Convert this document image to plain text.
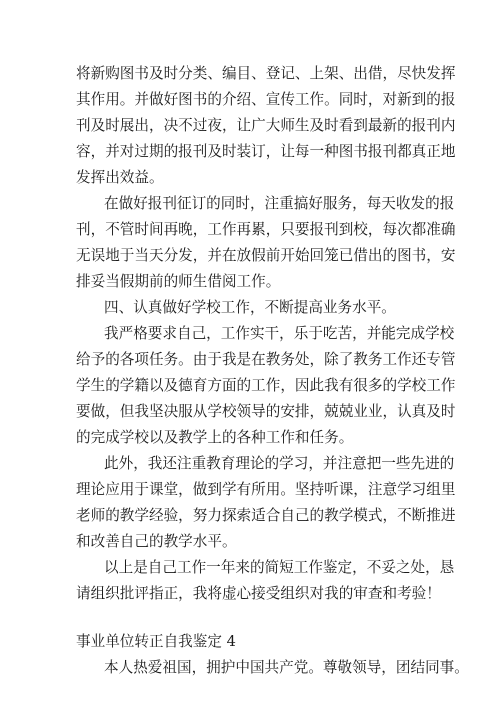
将新购图书及时分类、编目、登记、上架、出借，尽快发挥
其作用。并做好图书的介绍、宣传工作。同时，对新到的报
刊及时展出，决不过夜，让广大师生及时看到最新的报刊内
容，并对过期的报刊及时装订，让每一种图书报刊都真正地
发挥出效益。
在做好报刊征订的同时，注重搞好服务，每天收发的报
刊，不管时间再晚，工作再累，只要报刊到校，每次都准确
无误地于当天分发，并在放假前开始回笼已借出的图书，安
排妥当假期前的师生借阅工作。
四、认真做好学校工作，不断提高业务水平。
我严格要求自己，工作实干，乐于吃苦，并能完成学校
给予的各项任务。由于我是在教务处，除了教务工作还专管
学生的学籍以及德育方面的工作，因此我有很多的学校工作
要做，但我坚决服从学校领导的安排，兢兢业业，认真及时
的完成学校以及教学上的各种工作和任务。
此外，我还注重教育理论的学习，并注意把一些先进的
理论应用于课堂，做到学有所用。坚持听课，注意学习组里
老师的教学经验，努力探索适合自己的教学模式，不断推进
和改善自己的教学水平。
以上是自己工作一年来的简短工作鉴定，不妥之处，恳
请组织批评指正，我将虚心接受组织对我的审查和考验！
事业单位转正自我鉴定 4
本人热爱祖国，拥护中国共产党。尊敬领导，团结同事。
